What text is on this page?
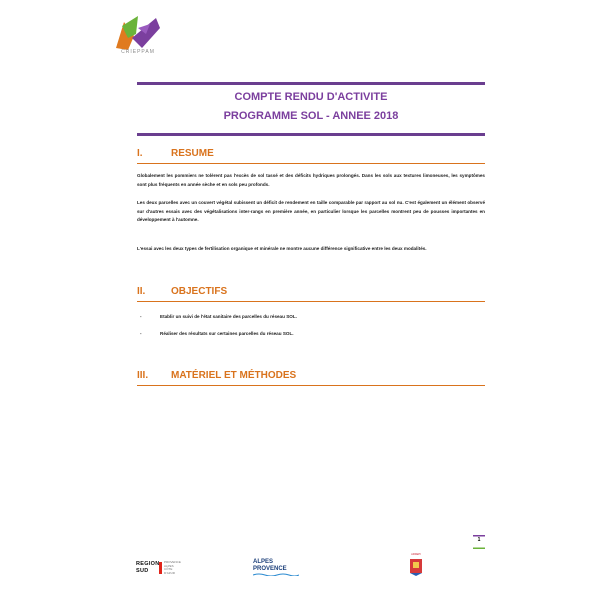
CRIEPPAM
COMPTE RENDU D'ACTIVITE
PROGRAMME SOL - ANNEE 2018
I.	RESUME
Globalement les pommiers ne tolèrent pas l'excès de sol tassé et des déficits hydriques prolongés. Dans les sols aux textures limoneuses, les symptômes sont plus fréquents en année sèche et en sols peu profonds.
Les deux parcelles avec un couvert végétal subissent un déficit de rendement en taille comparable par rapport au sol nu. C'est également un élément observé sur d'autres essais avec des végétalisations inter-rangs en première année, en particulier lorsque les parcelles montrent peu de pousses importantes en développement à l'automne.
L'essai avec les deux types de fertilisation organique et minérale ne montre aucune différence significative entre les deux modalités.
II.	OBJECTIFS
-	Etablir un suivi de l'état sanitaire des parcelles du réseau SOL.
-	Réaliser des résultats sur certaines parcelles du réseau SOL.
III. MATÉRIEL ET MÉTHODES
1
REGION
SUD
PROVENCE ALPES CÔTE D'AZUR
ALPES
PROVENCE
ARDEPI
